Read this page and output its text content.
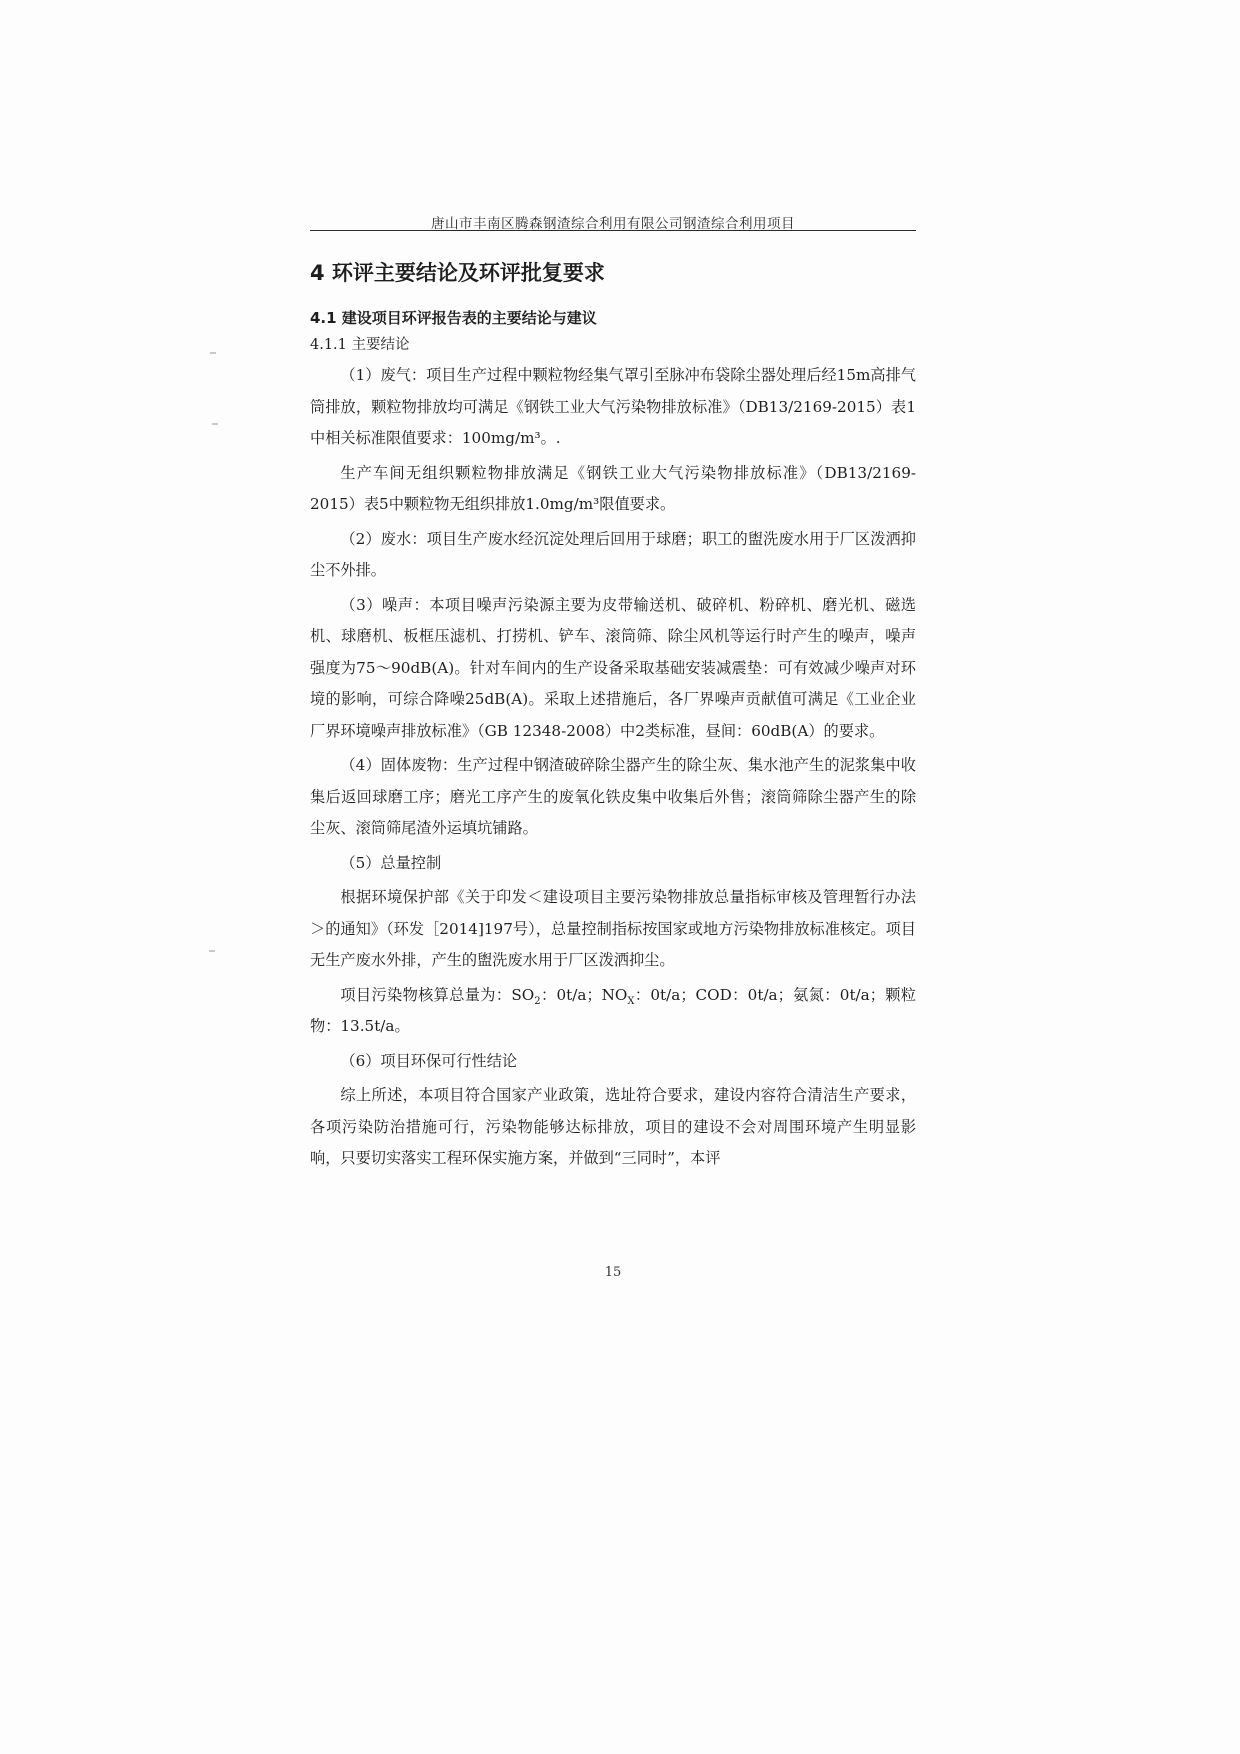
唐山市丰南区腾森钢渣综合利用有限公司钢渣综合利用项目
4 环评主要结论及环评批复要求
4.1 建设项目环评报告表的主要结论与建议
4.1.1 主要结论

（1）废气：项目生产过程中颗粒物经集气罩引至脉冲布袋除尘器处理后经15m高排气筒排放，颗粒物排放均可满足《钢铁工业大气污染物排放标准》（DB13/2169-2015）表1中相关标准限值要求：100mg/m³。.

生产车间无组织颗粒物排放满足《钢铁工业大气污染物排放标准》（DB13/2169-2015）表5中颗粒物无组织排放1.0mg/m³限值要求。

（2）废水：项目生产废水经沉淀处理后回用于球磨；职工的盥洗废水用于厂区泼洒抑尘不外排。

（3）噪声：本项目噪声污染源主要为皮带输送机、破碎机、粉碎机、磨光机、磁选机、球磨机、板框压滤机、打捞机、铲车、滚筒筛、除尘风机等运行时产生的噪声，噪声强度为75～90dB(A)。针对车间内的生产设备采取基础安装减震垫：可有效减少噪声对环境的影响，可综合降噪25dB(A)。采取上述措施后，各厂界噪声贡献值可满足《工业企业厂界环境噪声排放标准》（GB 12348-2008）中2类标准，昼间：60dB(A）的要求。

（4）固体废物：生产过程中钢渣破碎除尘器产生的除尘灰、集水池产生的泥浆集中收集后返回球磨工序；磨光工序产生的废氧化铁皮集中收集后外售；滚筒筛除尘器产生的除尘灰、滚筒筛尾渣外运填坑铺路。

（5）总量控制

根据环境保护部《关于印发＜建设项目主要污染物排放总量指标审核及管理暂行办法＞的通知》（环发［2014]197号），总量控制指标按国家或地方污染物排放标准核定。项目无生产废水外排，产生的盥洗废水用于厂区泼洒抑尘。

项目污染物核算总量为：$SO_2$：0t/a；$NO_X$：0t/a；COD：0t/a；氨氮：0t/a；颗粒物：13.5t/a。

（6）项目环保可行性结论

综上所述，本项目符合国家产业政策，选址符合要求，建设内容符合清洁生产要求，各项污染防治措施可行，污染物能够达标排放，项目的建设不会对周围环境产生明显影响，只要切实落实工程环保实施方案，并做到“三同时”，本评

15
